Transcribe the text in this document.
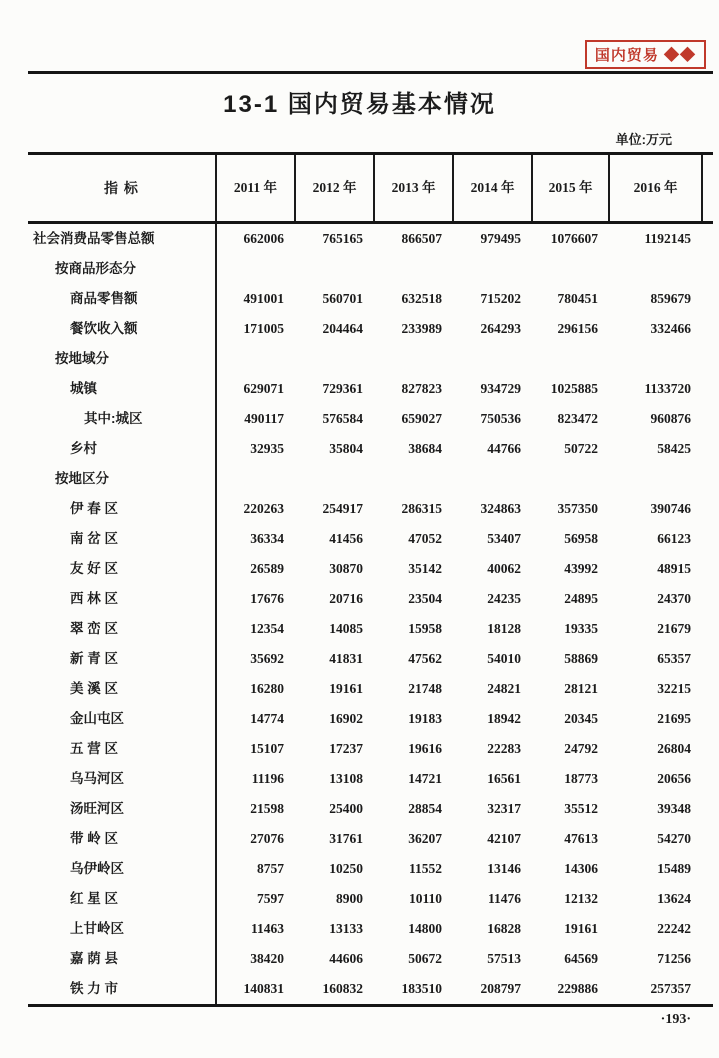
国内贸易 ◆◆
13-1 国内贸易基本情况
单位:万元
指 标	2011 年	2012 年	2013 年	2014 年	2015 年	2016 年
社会消费品零售总额	662006	765165	866507	979495	1076607	1192145
按商品形态分
商品零售额	491001	560701	632518	715202	780451	859679
餐饮收入额	171005	204464	233989	264293	296156	332466
按地域分
城镇	629071	729361	827823	934729	1025885	1133720
其中:城区	490117	576584	659027	750536	823472	960876
乡村	32935	35804	38684	44766	50722	58425
按地区分
伊 春 区	220263	254917	286315	324863	357350	390746
南 岔 区	36334	41456	47052	53407	56958	66123
友 好 区	26589	30870	35142	40062	43992	48915
西 林 区	17676	20716	23504	24235	24895	24370
翠 峦 区	12354	14085	15958	18128	19335	21679
新 青 区	35692	41831	47562	54010	58869	65357
美 溪 区	16280	19161	21748	24821	28121	32215
金山屯区	14774	16902	19183	18942	20345	21695
五 营 区	15107	17237	19616	22283	24792	26804
乌马河区	11196	13108	14721	16561	18773	20656
汤旺河区	21598	25400	28854	32317	35512	39348
带 岭 区	27076	31761	36207	42107	47613	54270
乌伊岭区	8757	10250	11552	13146	14306	15489
红 星 区	7597	8900	10110	11476	12132	13624
上甘岭区	11463	13133	14800	16828	19161	22242
嘉 荫 县	38420	44606	50672	57513	64569	71256
铁 力 市	140831	160832	183510	208797	229886	257357
·193·
